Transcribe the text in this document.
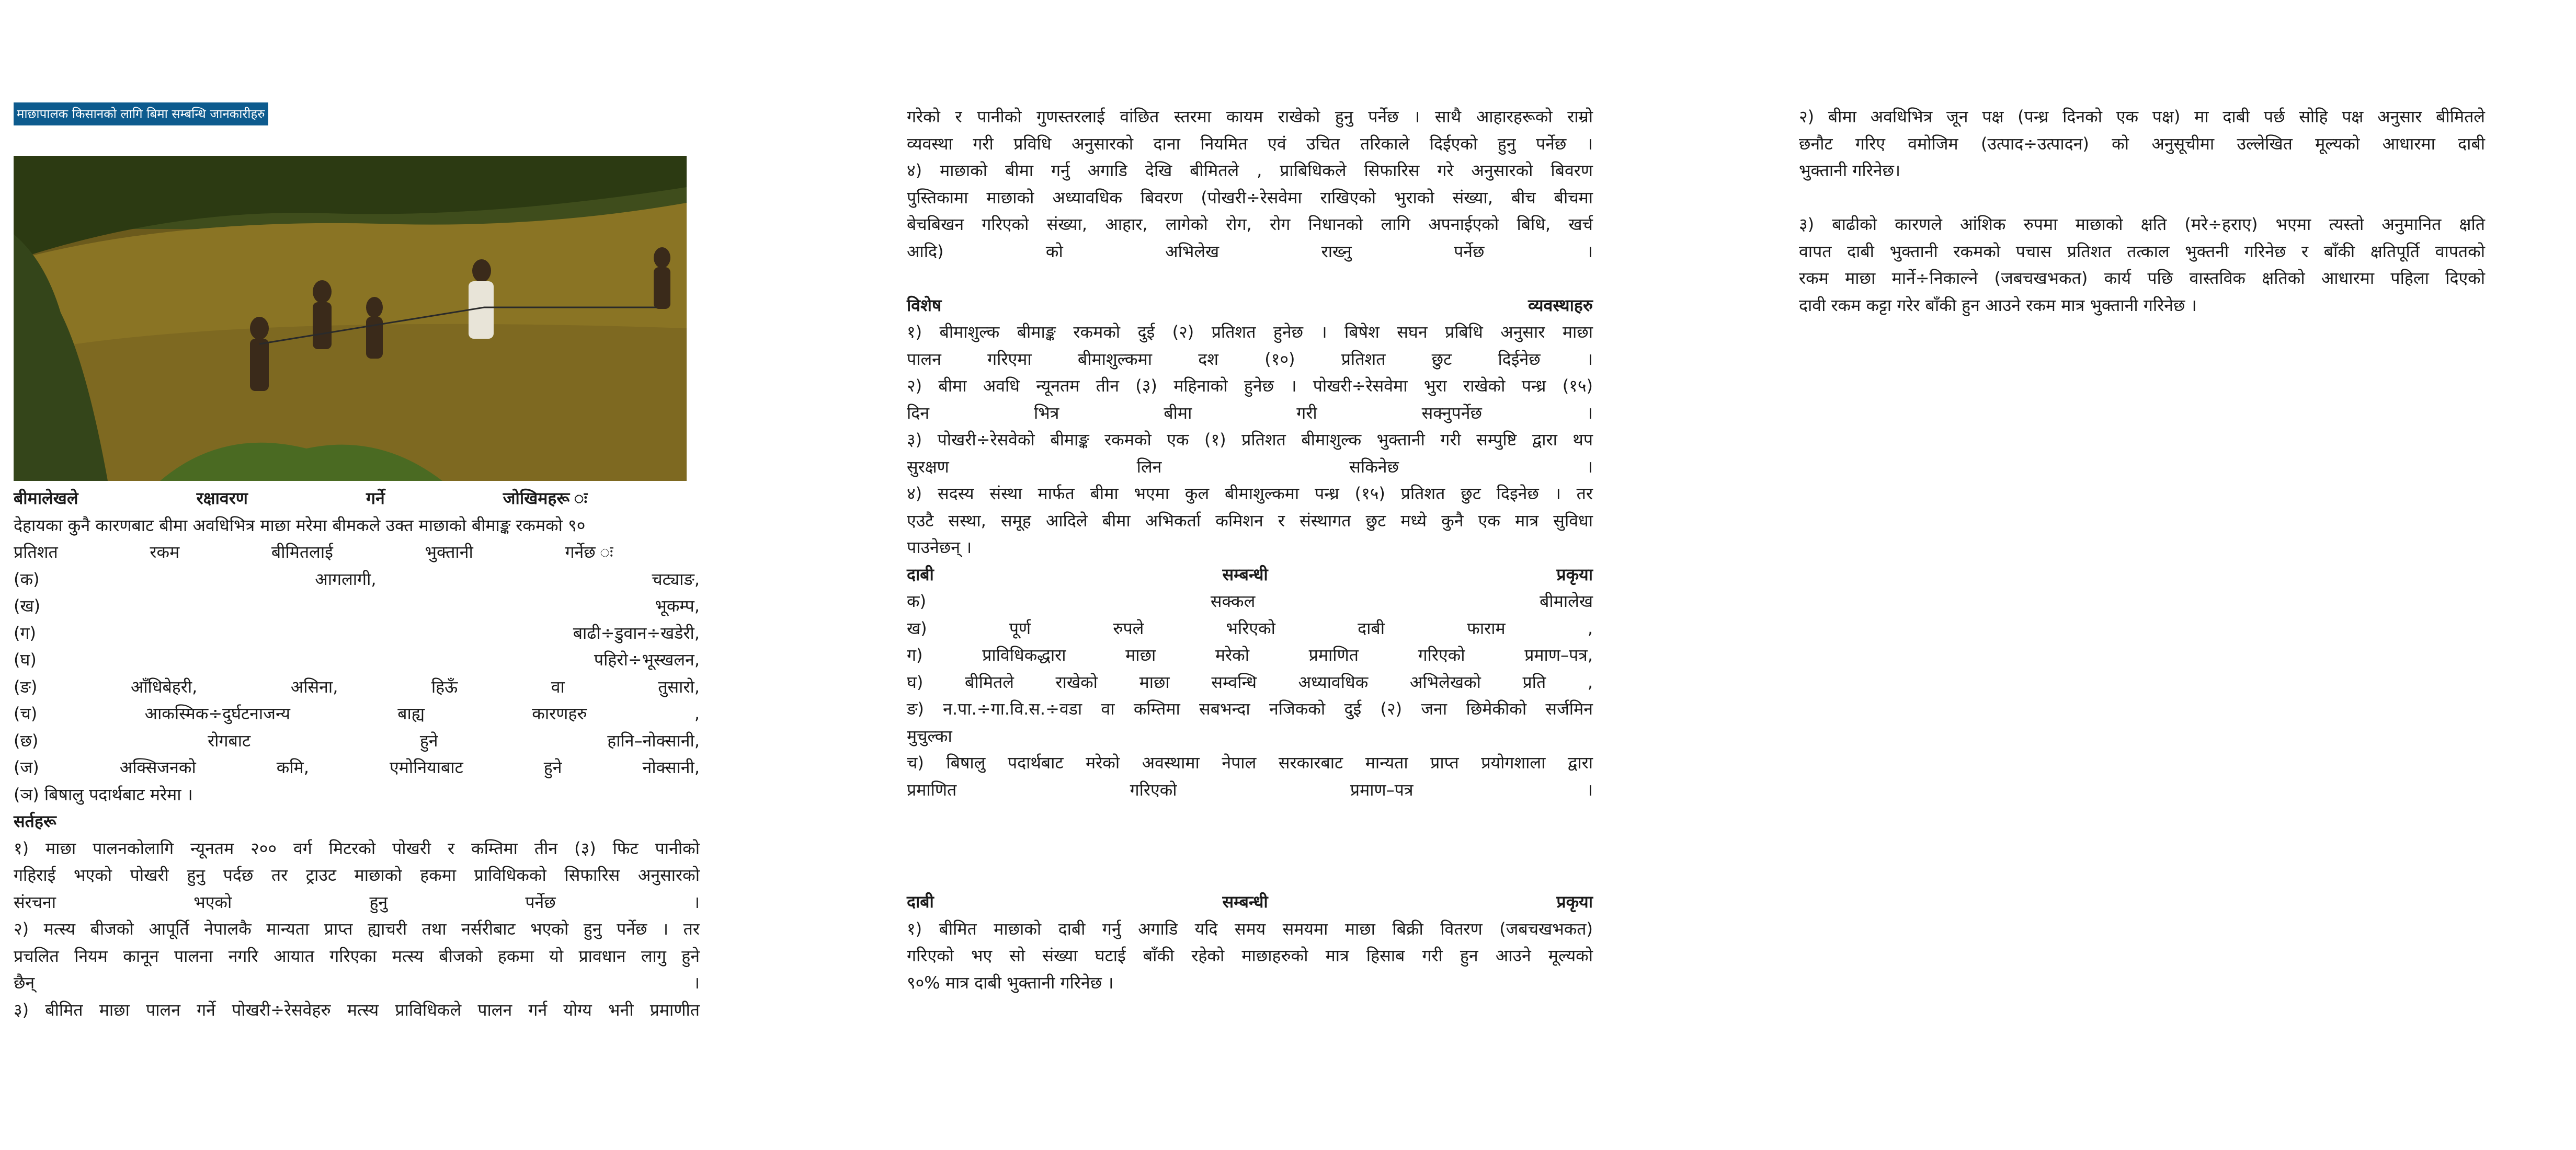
माछापालक किसानको लागि बिमा सम्बन्धि जानकारीहरु

बीमालेखले रक्षावरण गर्ने जोखिमहरू ः

देहायका कुनै कारणबाट बीमा अवधिभित्र माछा मरेमा बीमकले उक्त माछाको बीमाङ्क रकमको ९०

प्रतिशत रकम बीमितलाई भुक्तानी गर्नेछ ः

(क) आगलागी, चट्याङ,

(ख) भूकम्प,

(ग) बाढी÷डुवान÷खडेरी,

(घ) पहिरो÷भूस्खलन,

(ङ) आँधिबेहरी, असिना, हिऊँ वा तुसारो,

(च) आकस्मिक÷दुर्घटनाजन्य बाह्य कारणहरु ,

(छ) रोगबाट हुने हानि–नोक्सानी,

(ज) अक्सिजनको कमि, एमोनियाबाट हुने नोक्सानी,

(ञ) बिषालु पदार्थबाट मरेमा ।

सर्तहरू

१) माछा पालनकोलागि न्यूनतम २०० वर्ग मिटरको पोखरी र कम्तिमा तीन (३) फिट पानीको

गहिराई भएको पोखरी हुनु पर्दछ तर ट्राउट माछाको हकमा प्राविधिकको सिफारिस अनुसारको

संरचना भएको हुनु पर्नेछ ।

२) मत्स्य बीजको आपूर्ति नेपालकै मान्यता प्राप्त ह्याचरी तथा नर्सरीबाट भएको हुनु पर्नेछ । तर

प्रचलित नियम कानून पालना नगरि आयात गरिएका मत्स्य बीजको हकमा यो प्रावधान लागु हुने

छैन् ।

३) बीमित माछा पालन गर्ने पोखरी÷रेसवेहरु मत्स्य प्राविधिकले पालन गर्न योग्य भनी प्रमाणीत

गरेको र पानीको गुणस्तरलाई वांछित स्तरमा कायम राखेको हुनु पर्नेछ । साथै आहारहरूको राम्रो

व्यवस्था गरी प्रविधि अनुसारको दाना नियमित एवं उचित तरिकाले दिईएको हुनु पर्नेछ ।

४) माछाको बीमा गर्नु अगाडि देखि बीमितले , प्राबिधिकले सिफारिस गरे अनुसारको बिवरण

पुस्तिकामा माछाको अध्यावधिक बिवरण (पोखरी÷रेसवेमा राखिएको भुराको संख्या, बीच बीचमा

बेचबिखन गरिएको संख्या, आहार, लागेको रोग, रोग निधानको लागि अपनाईएको बिधि, खर्च

आदि) को अभिलेख राख्नु पर्नेछ ।

विशेष व्यवस्थाहरु

१) बीमाशुल्क बीमाङ्क रकमको दुई (२) प्रतिशत हुनेछ । बिषेश सघन प्रबिधि अनुसार माछा

पालन गरिएमा बीमाशुल्कमा दश (१०) प्रतिशत छुट दिईनेछ ।

२) बीमा अवधि न्यूनतम तीन (३) महिनाको हुनेछ । पोखरी÷रेसवेमा भुरा राखेको पन्ध्र (१५)

दिन भित्र बीमा गरी सक्नुपर्नेछ ।

३) पोखरी÷रेसवेको बीमाङ्क रकमको एक (१) प्रतिशत बीमाशुल्क भुक्तानी गरी सम्पुष्टि द्वारा थप

सुरक्षण लिन सकिनेछ ।

४) सदस्य संस्था मार्फत बीमा भएमा कुल बीमाशुल्कमा पन्ध्र (१५) प्रतिशत छुट दिइनेछ । तर

एउटै सस्था, समूह आदिले बीमा अभिकर्ता कमिशन र संस्थागत छुट मध्ये कुनै एक मात्र सुविधा

पाउनेछन् ।

दाबी सम्बन्धी प्रकृया

क) सक्कल बीमालेख

ख) पूर्ण रुपले भरिएको दाबी फाराम ,

ग) प्राविधिकद्धारा माछा मरेको प्रमाणित गरिएको प्रमाण–पत्र,

घ) बीमितले राखेको माछा सम्वन्धि अध्यावधिक अभिलेखको प्रति ,

ङ) न.पा.÷गा.वि.स.÷वडा वा कम्तिमा सबभन्दा नजिकको दुई (२) जना छिमेकीको सर्जमिन

मुचुल्का

च) बिषालु पदार्थबाट मरेको अवस्थामा नेपाल सरकारबाट मान्यता प्राप्त प्रयोगशाला द्वारा

प्रमाणित गरिएको प्रमाण–पत्र ।

दाबी सम्बन्धी प्रकृया

१) बीमित माछाको दाबी गर्नु अगाडि यदि समय समयमा माछा बिक्री वितरण (जबचखभकत)

गरिएको भए सो संख्या घटाई बाँकी रहेको माछाहरुको मात्र हिसाब गरी हुन आउने मूल्यको

९०% मात्र दाबी भुक्तानी गरिनेछ ।

२) बीमा अवधिभित्र जून पक्ष (पन्ध्र दिनको एक पक्ष) मा दाबी पर्छ सोहि पक्ष अनुसार बीमितले

छनौट गरिए वमोजिम (उत्पाद÷उत्पादन) को अनुसूचीमा उल्लेखित मूल्यको आधारमा दाबी

भुक्तानी गरिनेछ।

३) बाढीको कारणले आंशिक रुपमा माछाको क्षति (मरे÷हराए) भएमा त्यस्तो अनुमानित क्षति

वापत दाबी भुक्तानी रकमको पचास प्रतिशत तत्काल भुक्तनी गरिनेछ र बाँकी क्षतिपूर्ति वापतको

रकम माछा मार्ने÷निकाल्ने (जबचखभकत) कार्य पछि वास्तविक क्षतिको आधारमा पहिला दिएको

दावी रकम कट्टा गरेर बाँकी हुन आउने रकम मात्र भुक्तानी गरिनेछ ।
